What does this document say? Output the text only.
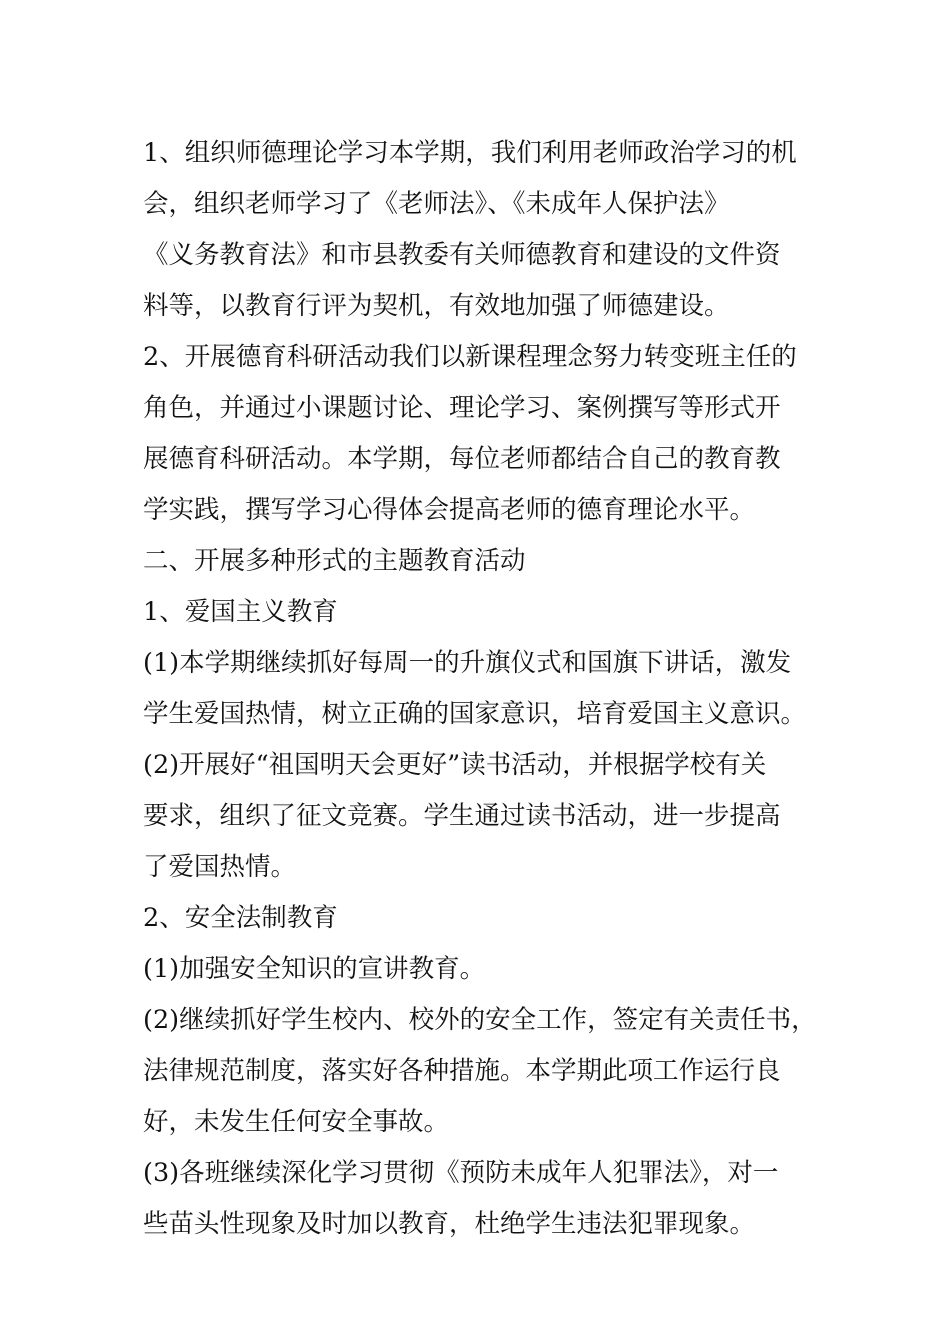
1、组织师德理论学习本学期，我们利用老师政治学习的机
会，组织老师学习了《老师法》、《未成年人保护法》
《义务教育法》和市县教委有关师德教育和建设的文件资
料等，以教育行评为契机，有效地加强了师德建设。
2、开展德育科研活动我们以新课程理念努力转变班主任的
角色，并通过小课题讨论、理论学习、案例撰写等形式开
展德育科研活动。本学期，每位老师都结合自己的教育教
学实践，撰写学习心得体会提高老师的德育理论水平。
二、开展多种形式的主题教育活动
1、爱国主义教育
(1)本学期继续抓好每周一的升旗仪式和国旗下讲话，激发
学生爱国热情，树立正确的国家意识，培育爱国主义意识。
(2)开展好“祖国明天会更好”读书活动，并根据学校有关
要求，组织了征文竞赛。学生通过读书活动，进一步提高
了爱国热情。
2、安全法制教育
(1)加强安全知识的宣讲教育。
(2)继续抓好学生校内、校外的安全工作，签定有关责任书，
法律规范制度，落实好各种措施。本学期此项工作运行良
好，未发生任何安全事故。
(3)各班继续深化学习贯彻《预防未成年人犯罪法》，对一
些苗头性现象及时加以教育，杜绝学生违法犯罪现象。
